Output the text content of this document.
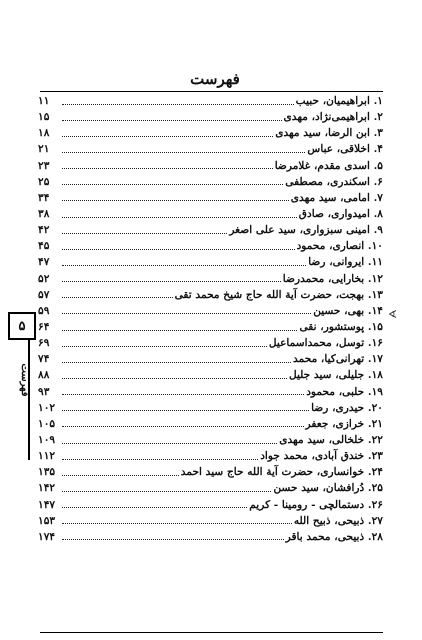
فهرست
۱. ابراهیمیان، حبیب
۱۱
۲. ابراهیمی‌نژاد، مهدی
۱۵
۳. ابن الرضا، سید مهدی
۱۸
۴. اخلاقی، عباس
۲۱
۵. اسدی مقدم، غلامرضا
۲۳
۶. اسکندری، مصطفی
۲۵
۷. امامی، سید مهدی
۳۴
۸. امیدواری، صادق
۳۸
۹. امینی سبزواری، سید علی اصغر
۴۲
۱۰. انصاری، محمود
۴۵
۱۱. ایروانی، رضا
۴۷
۱۲. بخارایی، محمدرضا
۵۲
۱۳. بهجت، حضرت آیة الله حاج شیخ محمد تقی
۵۷
۱۴. بهی، حسین
۵۹
۱۵. پوستشور، نقی
۶۴
۱۶. توسل، محمداسماعیل
۶۹
۱۷. تهرانی‌کیا، محمد
۷۴
۱۸. جلیلی، سید جلیل
۸۸
۱۹. حلبی، محمود
۹۳
۲۰. حیدری، رضا
۱۰۲
۲۱. خرازی، جعفر
۱۰۵
۲۲. خلخالی، سید مهدی
۱۰۹
۲۳. خندق آبادی، محمد جواد
۱۱۲
۲۴. خوانساری، حضرت آیة الله حاج سید احمد
۱۳۵
۲۵. دُرافشان، سید حسن
۱۴۲
۲۶. دستمالچی - رومینا - کریم
۱۴۷
۲۷. ذبیحی، ذبیح الله
۱۵۳
۲۸. ذبیحی، محمد باقر
۱۷۴
۵
فهرست
∢
